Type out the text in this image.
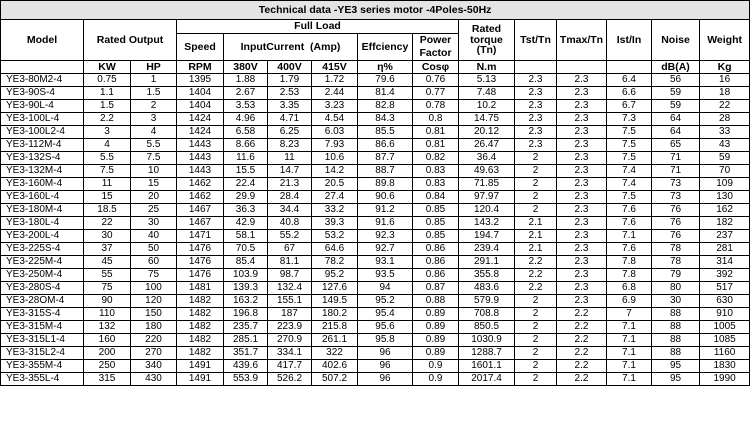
Technical data -YE3 series motor -4Poles-50Hz														
Model	Rated Output		Full Load						Rated
torque
(Tn)	Tst/Tn	Tmax/Tn	Ist/In	Noise	Weight
			Speed	InputCurrent  (Amp)			Effciency	Power
Factor						
	KW	HP	RPM	380V	400V	415V	η%	Cosφ	N.m				dB(A)	Kg
YE3-80M2-4	0.75	1	1395	1.88	1.79	1.72	79.6	0.76	5.13	2.3	2.3	6.4	56	16
YE3-90S-4	1.1	1.5	1404	2.67	2.53	2.44	81.4	0.77	7.48	2.3	2.3	6.6	59	18
YE3-90L-4	1.5	2	1404	3.53	3.35	3.23	82.8	0.78	10.2	2.3	2.3	6.7	59	22
YE3-100L-4	2.2	3	1424	4.96	4.71	4.54	84.3	0.8	14.75	2.3	2.3	7.3	64	28
YE3-100L2-4	3	4	1424	6.58	6.25	6.03	85.5	0.81	20.12	2.3	2.3	7.5	64	33
YE3-112M-4	4	5.5	1443	8.66	8.23	7.93	86.6	0.81	26.47	2.3	2.3	7.5	65	43
YE3-132S-4	5.5	7.5	1443	11.6	11	10.6	87.7	0.82	36.4	2	2.3	7.5	71	59
YE3-132M-4	7.5	10	1443	15.5	14.7	14.2	88.7	0.83	49.63	2	2.3	7.4	71	70
YE3-160M-4	11	15	1462	22.4	21.3	20.5	89.8	0.83	71.85	2	2.3	7.4	73	109
YE3-160L-4	15	20	1462	29.9	28.4	27.4	90.6	0.84	97.97	2	2.3	7.5	73	130
YE3-180M-4	18.5	25	1467	36.3	34.4	33.2	91.2	0.85	120.4	2	2.3	7.6	76	162
YE3-180L-4	22	30	1467	42.9	40.8	39.3	91.6	0.85	143.2	2.1	2.3	7.6	76	182
YE3-200L-4	30	40	1471	58.1	55.2	53.2	92.3	0.85	194.7	2.1	2.3	7.1	76	237
YE3-225S-4	37	50	1476	70.5	67	64.6	92.7	0.86	239.4	2.1	2.3	7.6	78	281
YE3-225M-4	45	60	1476	85.4	81.1	78.2	93.1	0.86	291.1	2.2	2.3	7.8	78	314
YE3-250M-4	55	75	1476	103.9	98.7	95.2	93.5	0.86	355.8	2.2	2.3	7.8	79	392
YE3-280S-4	75	100	1481	139.3	132.4	127.6	94	0.87	483.6	2.2	2.3	6.8	80	517
YE3-28OM-4	90	120	1482	163.2	155.1	149.5	95.2	0.88	579.9	2	2.3	6.9	30	630
YE3-315S-4	110	150	1482	196.8	187	180.2	95.4	0.89	708.8	2	2.2	7	88	910
YE3-315M-4	132	180	1482	235.7	223.9	215.8	95.6	0.89	850.5	2	2.2	7.1	88	1005
YE3-315L1-4	160	220	1482	285.1	270.9	261.1	95.8	0.89	1030.9	2	2.2	7.1	88	1085
YE3-315L2-4	200	270	1482	351.7	334.1	322	96	0.89	1288.7	2	2.2	7.1	88	1160
YE3-355M-4	250	340	1491	439.6	417.7	402.6	96	0.9	1601.1	2	2.2	7.1	95	1830
YE3-355L-4	315	430	1491	553.9	526.2	507.2	96	0.9	2017.4	2	2.2	7.1	95	1990
